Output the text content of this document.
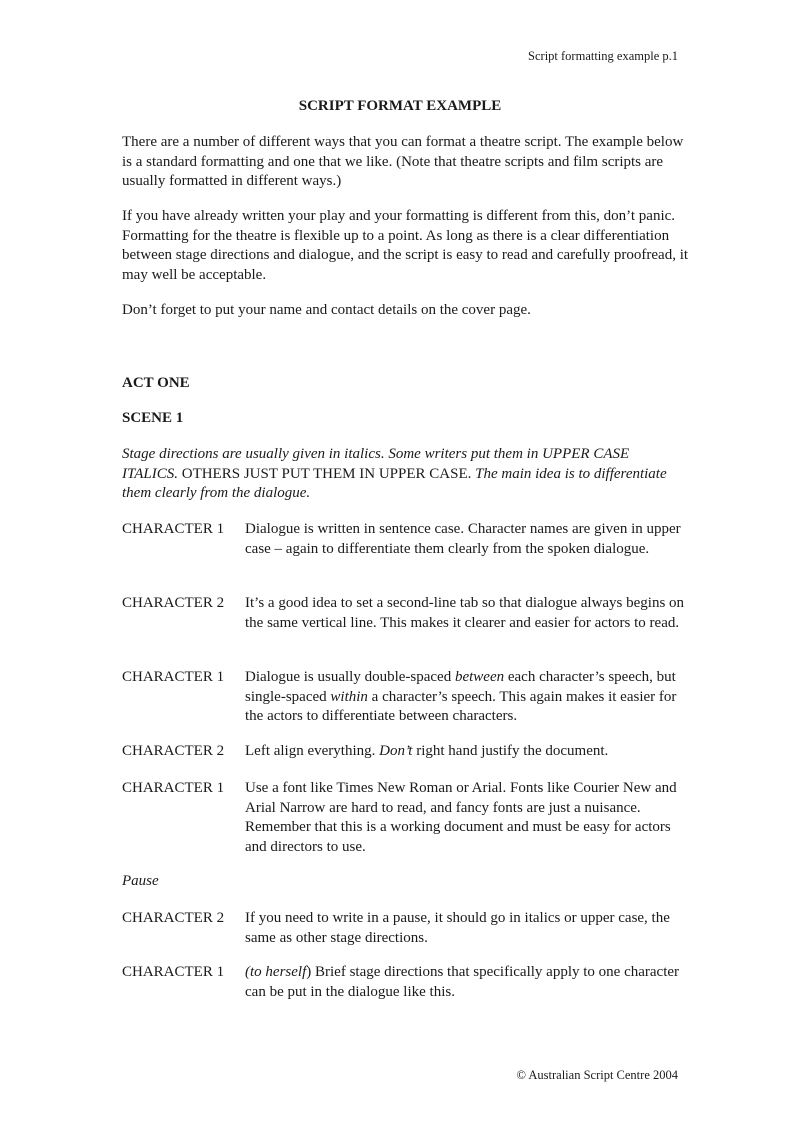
Script formatting example p.1
SCRIPT FORMAT EXAMPLE

There are a number of different ways that you can format a theatre script. The example below is a standard formatting and one that we like. (Note that theatre scripts and film scripts are usually formatted in different ways.)

If you have already written your play and your formatting is different from this, don’t panic. Formatting for the theatre is flexible up to a point. As long as there is a clear differentiation between stage directions and dialogue, and the script is easy to read and carefully proofread, it may well be acceptable.

Don’t forget to put your name and contact details on the cover page.

ACT ONE
SCENE 1

Stage directions are usually given in italics. Some writers put them in UPPER CASE ITALICS. OTHERS JUST PUT THEM IN UPPER CASE. The main idea is to differentiate them clearly from the dialogue.

CHARACTER 1 Dialogue is written in sentence case. Character names are given in upper case – again to differentiate them clearly from the spoken dialogue.
CHARACTER 2 It’s a good idea to set a second-line tab so that dialogue always begins on the same vertical line. This makes it clearer and easier for actors to read.
CHARACTER 1 Dialogue is usually double-spaced between each character’s speech, but single-spaced within a character’s speech. This again makes it easier for the actors to differentiate between characters.
CHARACTER 2 Left align everything. Don’t right hand justify the document.
CHARACTER 1 Use a font like Times New Roman or Arial. Fonts like Courier New and Arial Narrow are hard to read, and fancy fonts are just a nuisance. Remember that this is a working document and must be easy for actors and directors to use.
Pause
CHARACTER 2 If you need to write in a pause, it should go in italics or upper case, the same as other stage directions.
CHARACTER 1 (to herself) Brief stage directions that specifically apply to one character can be put in the dialogue like this.
© Australian Script Centre 2004
